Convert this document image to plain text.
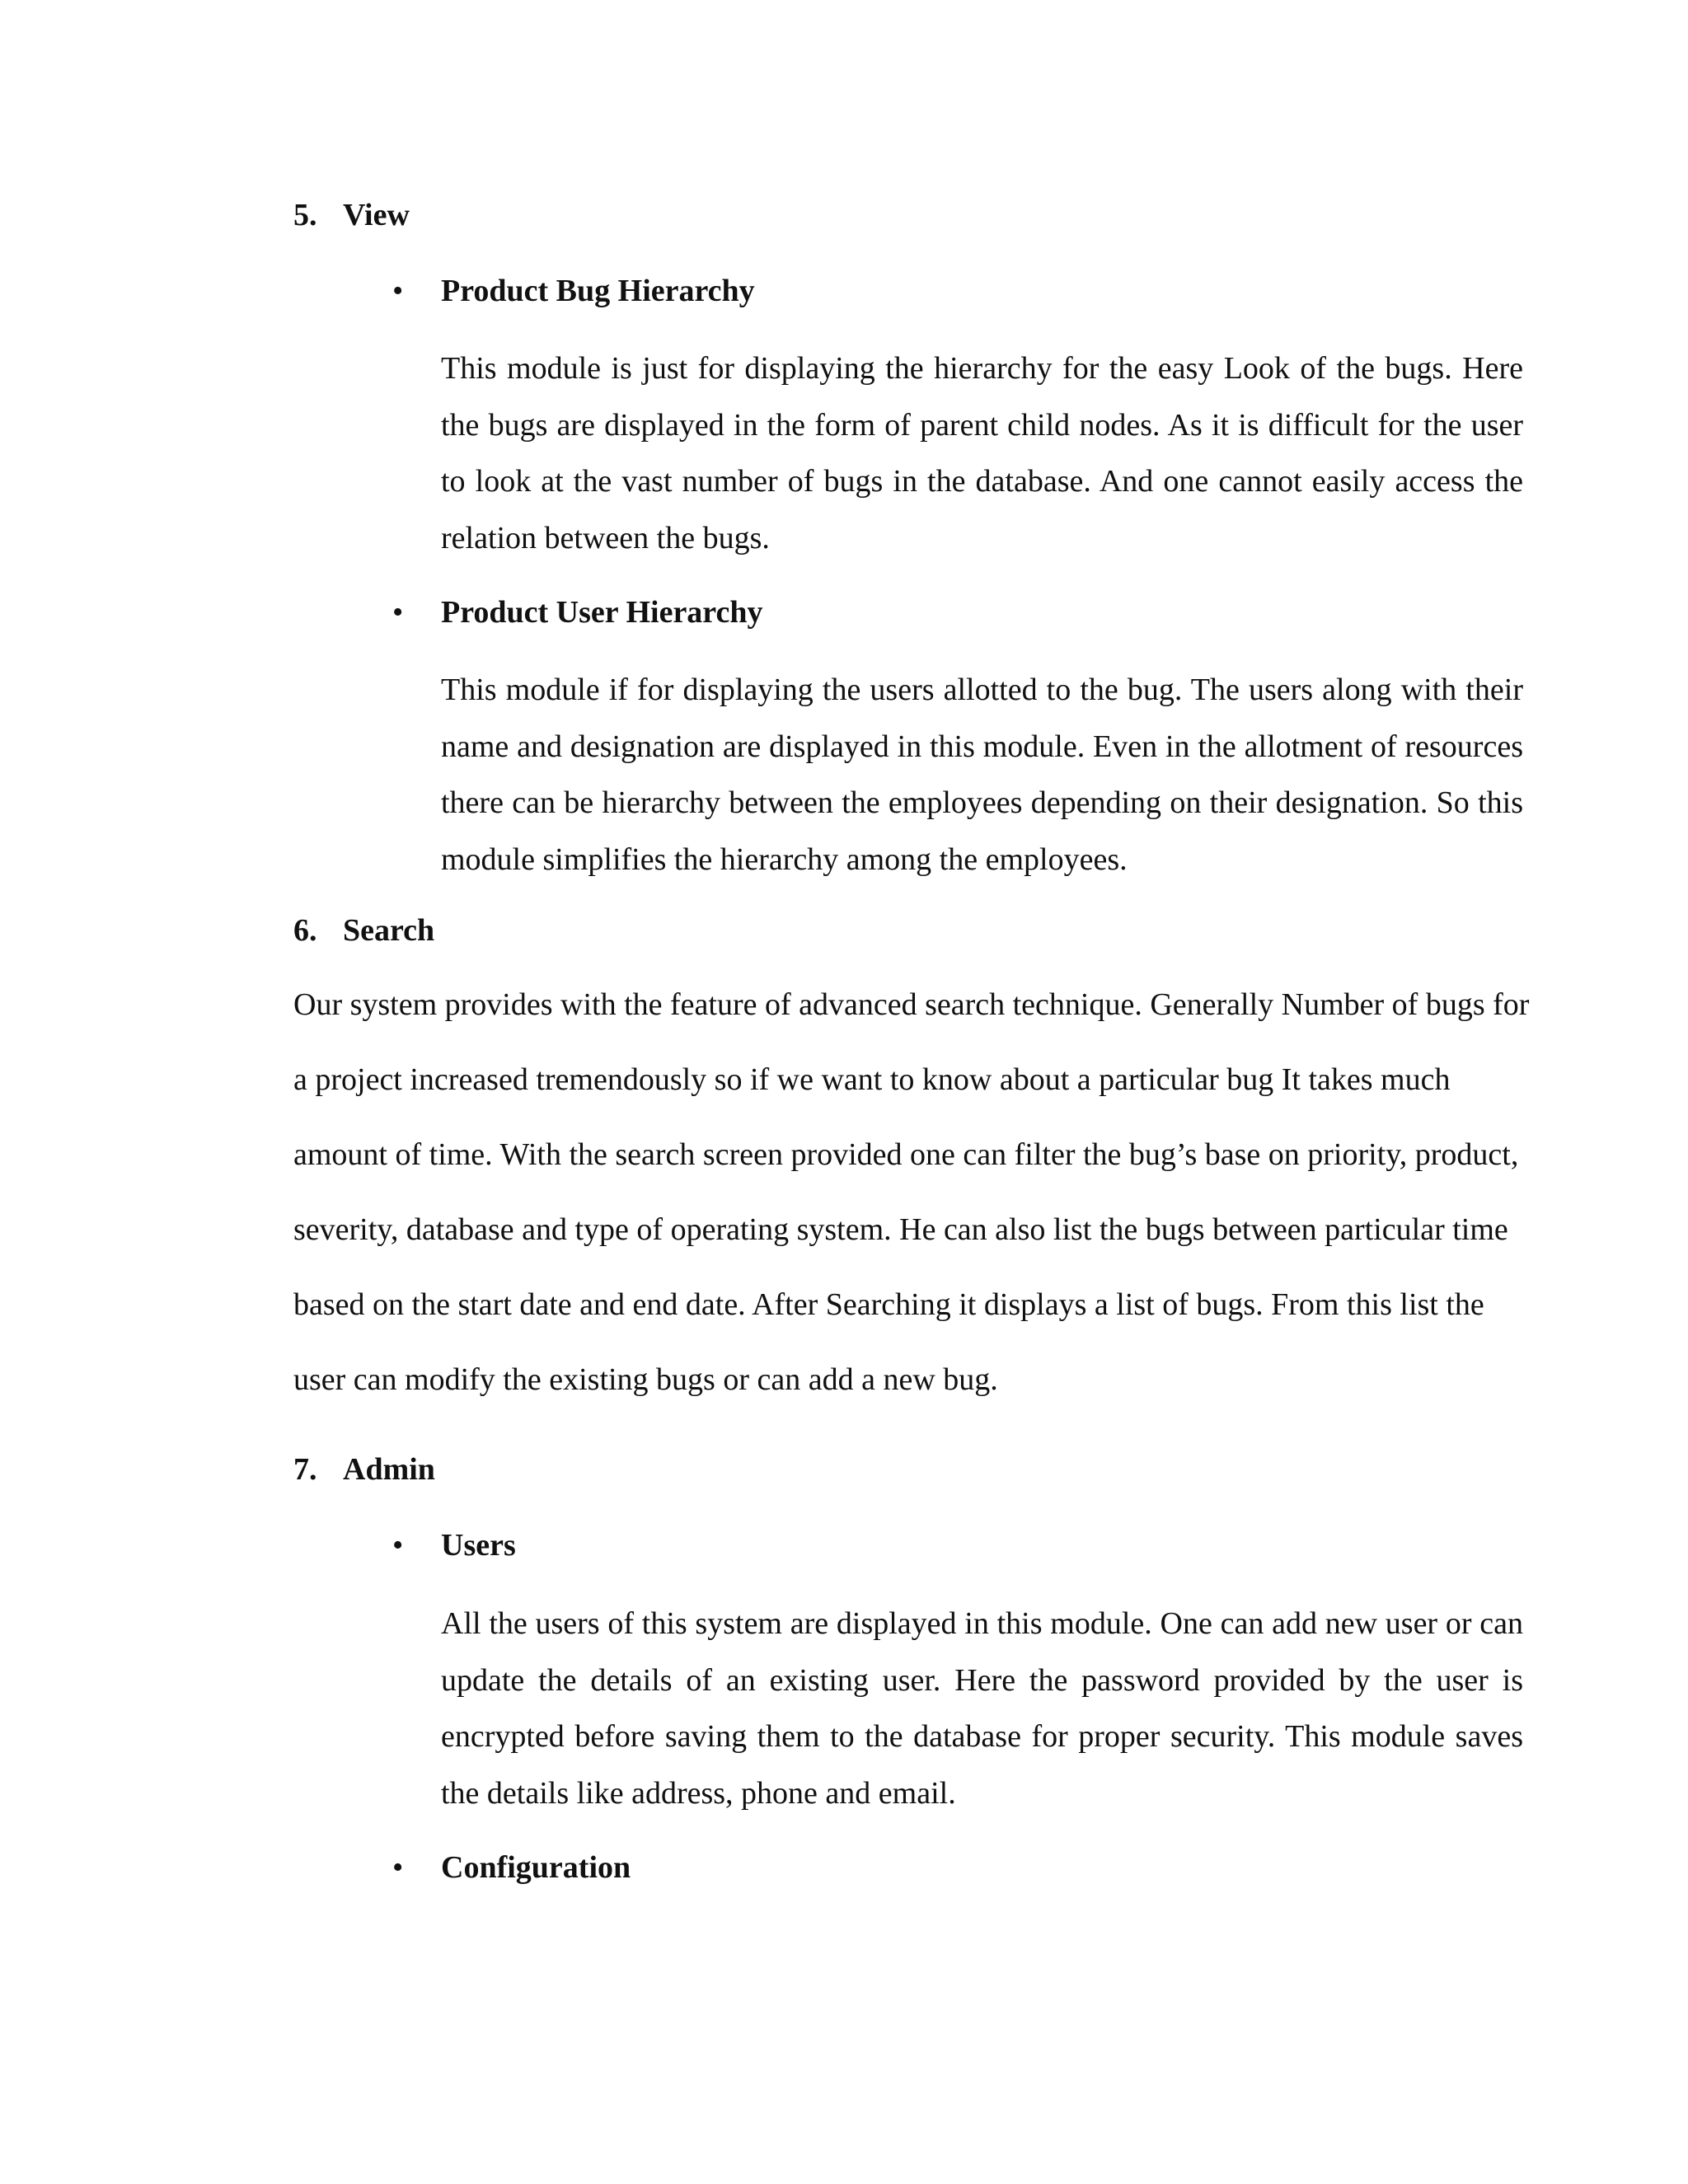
5. View
•	Product Bug Hierarchy
This module is just for displaying the hierarchy for the easy Look of the bugs. Here the bugs are displayed in the form of parent child nodes. As it is difficult for the user to look at the vast number of bugs in the database. And one cannot easily access the relation between the bugs.
•	Product User Hierarchy
This module if for displaying the users allotted to the bug. The users along with their name and designation are displayed in this module. Even in the allotment of resources there can be hierarchy between the employees depending on their designation. So this module simplifies the hierarchy among the employees.
6. Search
Our system provides with the feature of advanced search technique. Generally Number of bugs for a project increased tremendously so if we want to know about a particular bug It takes much amount of time. With the search screen provided one can filter the bug’s base on priority, product, severity, database and type of operating system. He can also list the bugs between particular time based on the start date and end date. After Searching it displays a list of bugs. From this list the user can modify the existing bugs or can add a new bug.
7. Admin
•	Users
All the users of this system are displayed in this module. One can add new user or can update the details of an existing user. Here the password provided by the user is encrypted before saving them to the database for proper security. This module saves the details like address, phone and email.
•	Configuration
